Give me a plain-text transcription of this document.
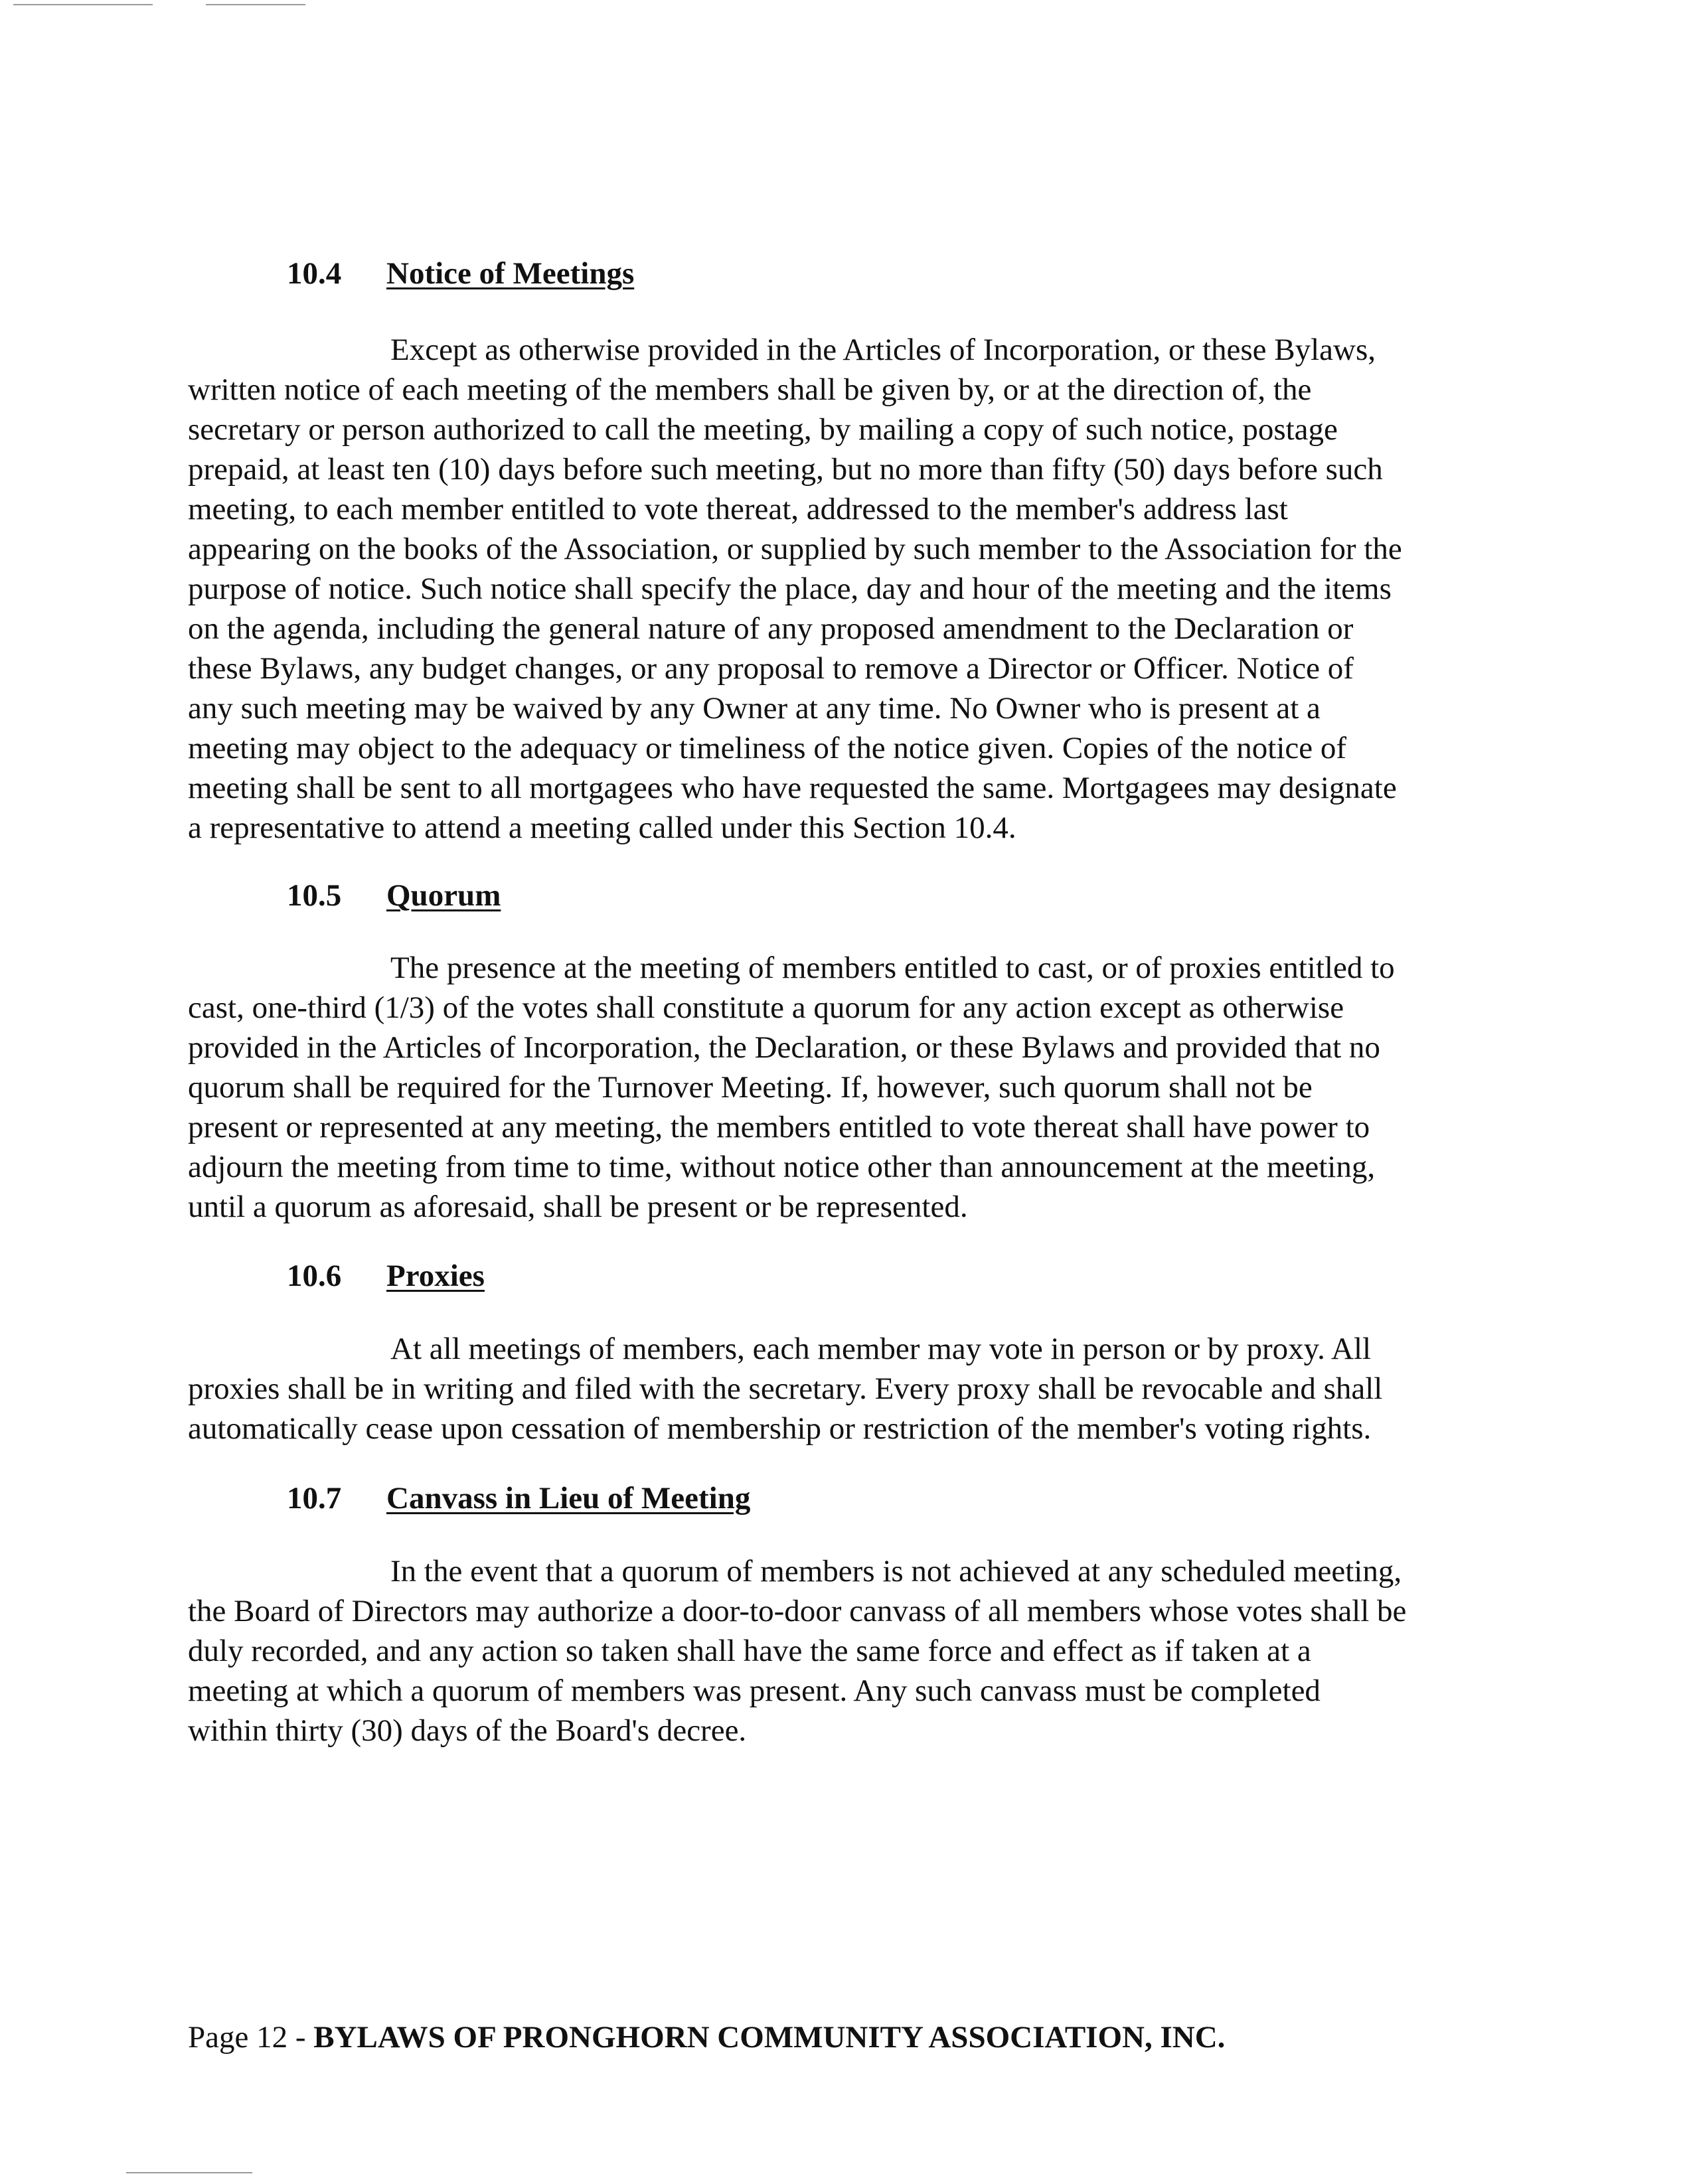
10.4 Notice of Meetings
Except as otherwise provided in the Articles of Incorporation, or these Bylaws,
written notice of each meeting of the members shall be given by, or at the direction of, the
secretary or person authorized to call the meeting, by mailing a copy of such notice, postage
prepaid, at least ten (10) days before such meeting, but no more than fifty (50) days before such
meeting, to each member entitled to vote thereat, addressed to the member's address last
appearing on the books of the Association, or supplied by such member to the Association for the
purpose of notice. Such notice shall specify the place, day and hour of the meeting and the items
on the agenda, including the general nature of any proposed amendment to the Declaration or
these Bylaws, any budget changes, or any proposal to remove a Director or Officer. Notice of
any such meeting may be waived by any Owner at any time. No Owner who is present at a
meeting may object to the adequacy or timeliness of the notice given. Copies of the notice of
meeting shall be sent to all mortgagees who have requested the same. Mortgagees may designate
a representative to attend a meeting called under this Section 10.4.
10.5 Quorum
The presence at the meeting of members entitled to cast, or of proxies entitled to
cast, one-third (1/3) of the votes shall constitute a quorum for any action except as otherwise
provided in the Articles of Incorporation, the Declaration, or these Bylaws and provided that no
quorum shall be required for the Turnover Meeting. If, however, such quorum shall not be
present or represented at any meeting, the members entitled to vote thereat shall have power to
adjourn the meeting from time to time, without notice other than announcement at the meeting,
until a quorum as aforesaid, shall be present or be represented.
10.6 Proxies
At all meetings of members, each member may vote in person or by proxy. All
proxies shall be in writing and filed with the secretary. Every proxy shall be revocable and shall
automatically cease upon cessation of membership or restriction of the member's voting rights.
10.7 Canvass in Lieu of Meeting
In the event that a quorum of members is not achieved at any scheduled meeting,
the Board of Directors may authorize a door-to-door canvass of all members whose votes shall be
duly recorded, and any action so taken shall have the same force and effect as if taken at a
meeting at which a quorum of members was present. Any such canvass must be completed
within thirty (30) days of the Board's decree.
Page 12 - BYLAWS OF PRONGHORN COMMUNITY ASSOCIATION, INC.
